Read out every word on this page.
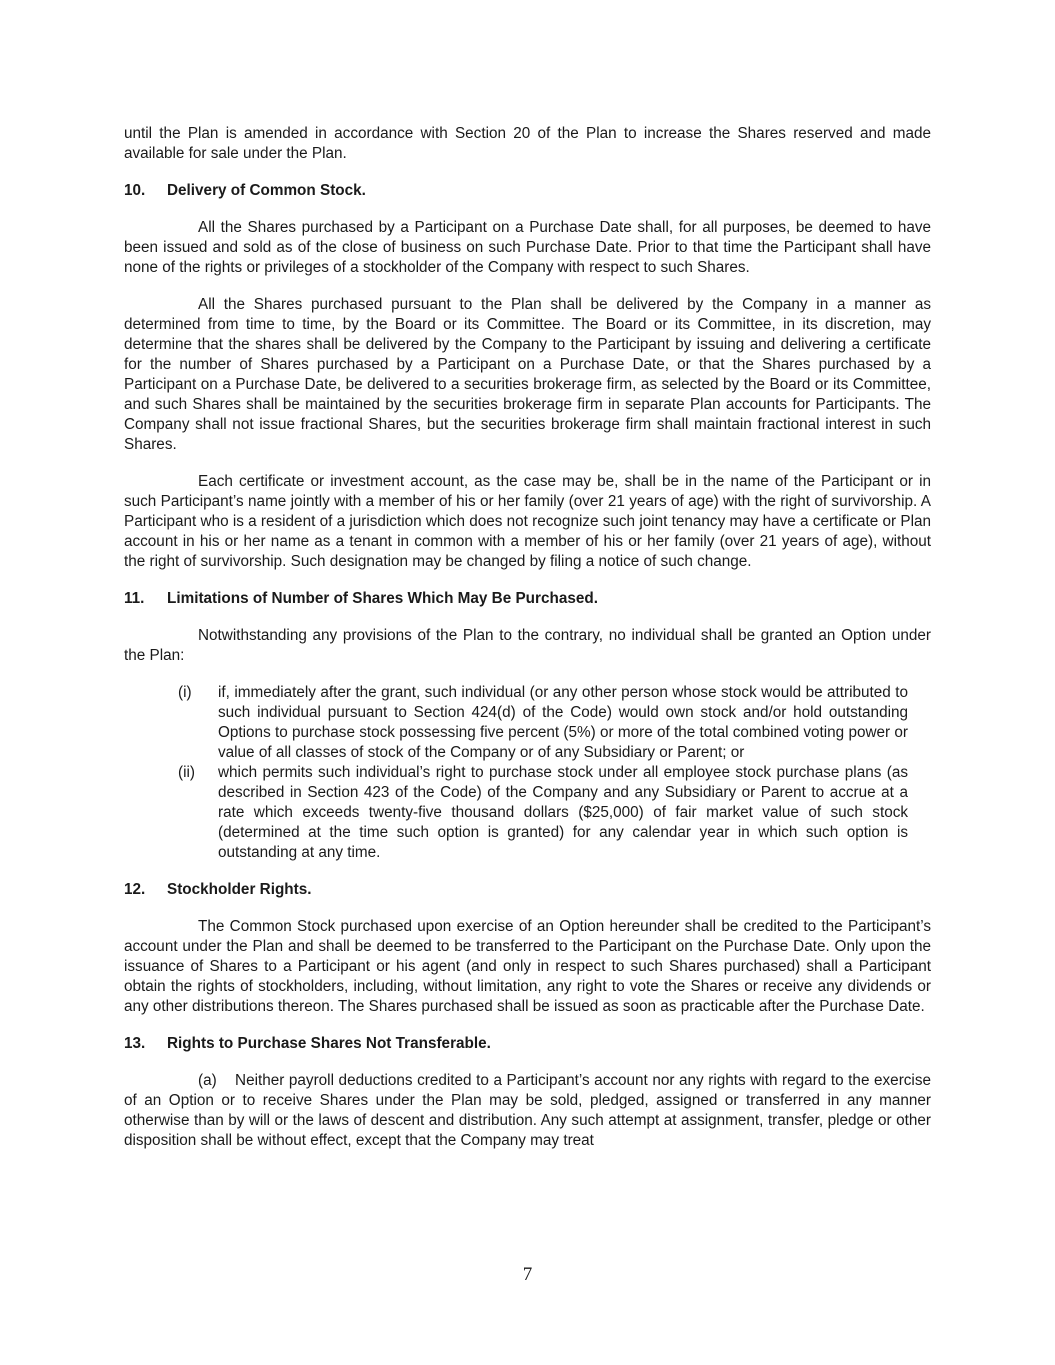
until the Plan is amended in accordance with Section 20 of the Plan to increase the Shares reserved and made available for sale under the Plan.

10. Delivery of Common Stock.

All the Shares purchased by a Participant on a Purchase Date shall, for all purposes, be deemed to have been issued and sold as of the close of business on such Purchase Date. Prior to that time the Participant shall have none of the rights or privileges of a stockholder of the Company with respect to such Shares.

All the Shares purchased pursuant to the Plan shall be delivered by the Company in a manner as determined from time to time, by the Board or its Committee. The Board or its Committee, in its discretion, may determine that the shares shall be delivered by the Company to the Participant by issuing and delivering a certificate for the number of Shares purchased by a Participant on a Purchase Date, or that the Shares purchased by a Participant on a Purchase Date, be delivered to a securities brokerage firm, as selected by the Board or its Committee, and such Shares shall be maintained by the securities brokerage firm in separate Plan accounts for Participants. The Company shall not issue fractional Shares, but the securities brokerage firm shall maintain fractional interest in such Shares.

Each certificate or investment account, as the case may be, shall be in the name of the Participant or in such Participant’s name jointly with a member of his or her family (over 21 years of age) with the right of survivorship. A Participant who is a resident of a jurisdiction which does not recognize such joint tenancy may have a certificate or Plan account in his or her name as a tenant in common with a member of his or her family (over 21 years of age), without the right of survivorship. Such designation may be changed by filing a notice of such change.

11. Limitations of Number of Shares Which May Be Purchased.

Notwithstanding any provisions of the Plan to the contrary, no individual shall be granted an Option under the Plan:

(i)	if, immediately after the grant, such individual (or any other person whose stock would be attributed to such individual pursuant to Section 424(d) of the Code) would own stock and/or hold outstanding Options to purchase stock possessing five percent (5%) or more of the total combined voting power or value of all classes of stock of the Company or of any Subsidiary or Parent; or
(ii)	which permits such individual’s right to purchase stock under all employee stock purchase plans (as described in Section 423 of the Code) of the Company and any Subsidiary or Parent to accrue at a rate which exceeds twenty-five thousand dollars ($25,000) of fair market value of such stock (determined at the time such option is granted) for any calendar year in which such option is outstanding at any time.
12. Stockholder Rights.

The Common Stock purchased upon exercise of an Option hereunder shall be credited to the Participant’s account under the Plan and shall be deemed to be transferred to the Participant on the Purchase Date. Only upon the issuance of Shares to a Participant or his agent (and only in respect to such Shares purchased) shall a Participant obtain the rights of stockholders, including, without limitation, any right to vote the Shares or receive any dividends or any other distributions thereon. The Shares purchased shall be issued as soon as practicable after the Purchase Date.

13. Rights to Purchase Shares Not Transferable.

(a)    Neither payroll deductions credited to a Participant’s account nor any rights with regard to the exercise of an Option or to receive Shares under the Plan may be sold, pledged, assigned or transferred in any manner otherwise than by will or the laws of descent and distribution. Any such attempt at assignment, transfer, pledge or other disposition shall be without effect, except that the Company may treat

7
